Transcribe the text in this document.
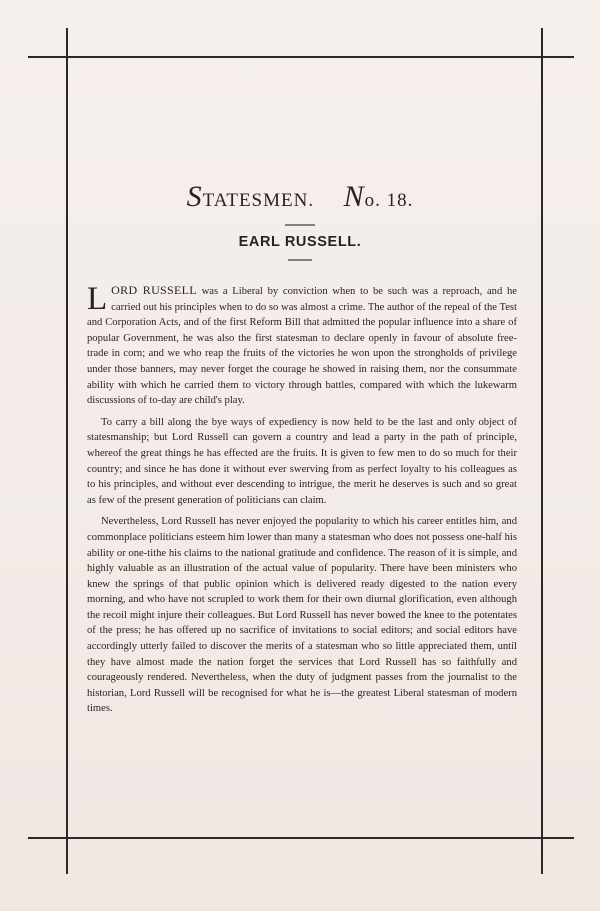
STATESMEN. No. 18.
EARL RUSSELL.

LORD RUSSELL was a Liberal by conviction when to be such was a reproach, and he carried out his principles when to do so was almost a crime. The author of the repeal of the Test and Corporation Acts, and of the first Reform Bill that admitted the popular influence into a share of popular Government, he was also the first statesman to declare openly in favour of absolute free-trade in corn; and we who reap the fruits of the victories he won upon the strongholds of privilege under those banners, may never forget the courage he showed in raising them, nor the consummate ability with which he carried them to victory through battles, compared with which the lukewarm discussions of to-day are child's play.

To carry a bill along the bye ways of expediency is now held to be the last and only object of statesmanship; but Lord Russell can govern a country and lead a party in the path of principle, whereof the great things he has effected are the fruits. It is given to few men to do so much for their country; and since he has done it without ever swerving from as perfect loyalty to his colleagues as to his principles, and without ever descending to intrigue, the merit he deserves is such and so great as few of the present generation of politicians can claim.

Nevertheless, Lord Russell has never enjoyed the popularity to which his career entitles him, and commonplace politicians esteem him lower than many a statesman who does not possess one-half his ability or one-tithe his claims to the national gratitude and confidence. The reason of it is simple, and highly valuable as an illustration of the actual value of popularity. There have been ministers who knew the springs of that public opinion which is delivered ready digested to the nation every morning, and who have not scrupled to work them for their own diurnal glorification, even although the recoil might injure their colleagues. But Lord Russell has never bowed the knee to the potentates of the press; he has offered up no sacrifice of invitations to social editors; and social editors have accordingly utterly failed to discover the merits of a statesman who so little appreciated them, until they have almost made the nation forget the services that Lord Russell has so faithfully and courageously rendered. Nevertheless, when the duty of judgment passes from the journalist to the historian, Lord Russell will be recognised for what he is—the greatest Liberal statesman of modern times.
